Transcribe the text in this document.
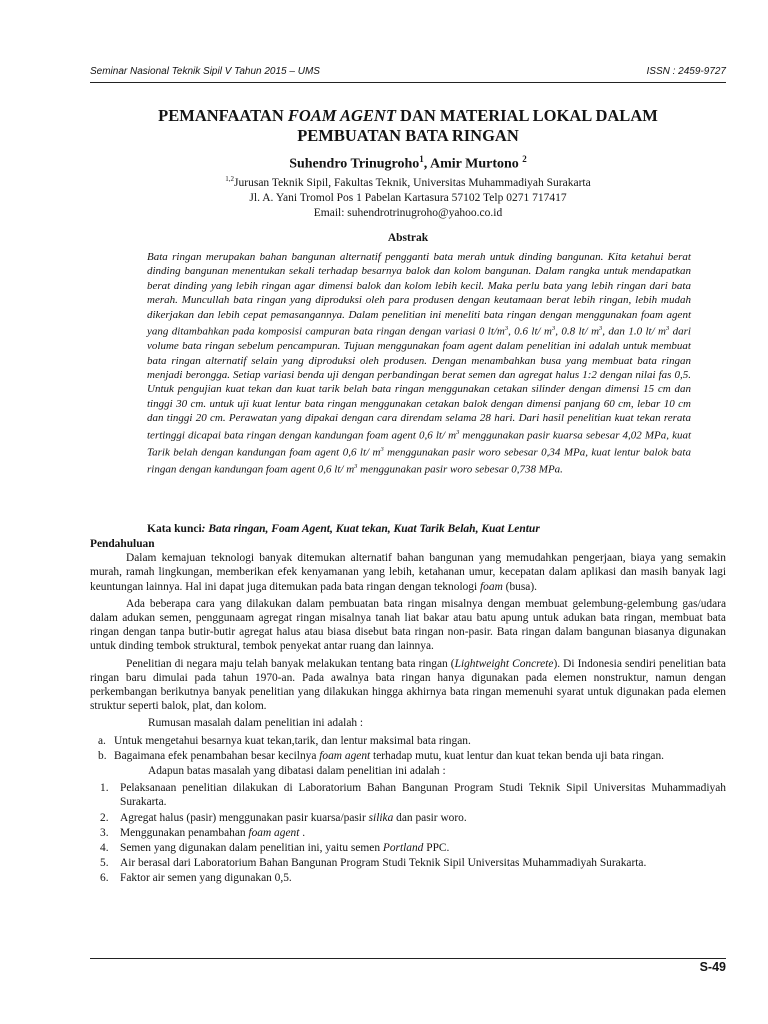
Seminar Nasional Teknik Sipil V Tahun 2015 – UMS	ISSN : 2459-9727
PEMANFAATAN FOAM AGENT DAN MATERIAL LOKAL DALAM
PEMBUATAN BATA RINGAN
Suhendro Trinugroho$^1$, Amir Murtono $^2$
$^{1,2}$Jurusan Teknik Sipil, Fakultas Teknik, Universitas Muhammadiyah Surakarta
Jl. A. Yani Tromol Pos 1 Pabelan Kartasura 57102 Telp 0271 717417
Email: suhendrotrinugroho@yahoo.co.id
Abstrak
Bata ringan merupakan bahan bangunan alternatif pengganti bata merah untuk dinding bangunan. Kita ketahui berat dinding bangunan menentukan sekali terhadap besarnya balok dan kolom bangunan. Dalam rangka untuk mendapatkan berat dinding yang lebih ringan agar dimensi balok dan kolom lebih kecil. Maka perlu bata yang lebih ringan dari bata merah. Muncullah bata ringan yang diproduksi oleh para produsen dengan keutamaan berat lebih ringan, lebih mudah dikerjakan dan lebih cepat pemasangannya. Dalam penelitian ini meneliti bata ringan dengan menggunakan foam agent yang ditambahkan pada komposisi campuran bata ringan dengan variasi 0 $lt/m^3$, 0.6 lt/ $m^3$, 0.8 lt/ $m^3$, dan 1.0 lt/ $m^3$ dari volume bata ringan sebelum pencampuran. Tujuan menggunakan foam agent dalam penelitian ini adalah untuk membuat bata ringan alternatif selain yang diproduksi oleh produsen. Dengan menambahkan busa yang membuat bata ringan menjadi berongga. Setiap variasi benda uji dengan perbandingan berat semen dan agregat halus 1:2 dengan nilai fas 0,5. Untuk pengujian kuat tekan dan kuat tarik belah bata ringan menggunakan cetakan silinder dengan dimensi 15 cm dan tinggi 30 cm. untuk uji kuat lentur bata ringan menggunakan cetakan balok dengan dimensi panjang 60 cm, lebar 10 cm dan tinggi 20 cm. Perawatan yang dipakai dengan cara direndam selama 28 hari. Dari hasil penelitian kuat tekan rerata tertinggi dicapai bata ringan dengan kandungan foam agent 0,6 lt/ $m^3$ menggunakan pasir kuarsa sebesar 4,02 MPa, kuat Tarik belah dengan kandungan foam agent 0,6 lt/ $m^3$ menggunakan pasir woro sebesar 0,34 MPa, kuat lentur balok bata ringan dengan kandungan foam agent 0,6 lt/ $m^3$ menggunakan pasir woro sebesar 0,738 MPa.
Kata kunci: Bata ringan, Foam Agent, Kuat tekan, Kuat Tarik Belah, Kuat Lentur
Pendahuluan

Dalam kemajuan teknologi banyak ditemukan alternatif bahan bangunan yang memudahkan pengerjaan, biaya yang semakin murah, ramah lingkungan, memberikan efek kenyamanan yang lebih, ketahanan umur, kecepatan dalam aplikasi dan masih banyak lagi keuntungan lainnya. Hal ini dapat juga ditemukan pada bata ringan dengan teknologi foam (busa).

Ada beberapa cara yang dilakukan dalam pembuatan bata ringan misalnya dengan membuat gelembung-gelembung gas/udara dalam adukan semen, penggunaam agregat ringan misalnya tanah liat bakar atau batu apung untuk adukan bata ringan, membuat bata ringan dengan tanpa butir-butir agregat halus atau biasa disebut bata ringan non-pasir. Bata ringan dalam bangunan biasanya digunakan untuk dinding tembok struktural, tembok penyekat antar ruang dan lainnya.

Penelitian di negara maju telah banyak melakukan tentang bata ringan (Lightweight Concrete). Di Indonesia sendiri penelitian bata ringan baru dimulai pada tahun 1970-an. Pada awalnya bata ringan hanya digunakan pada elemen nonstruktur, namun dengan perkembangan berikutnya banyak penelitian yang dilakukan hingga akhirnya bata ringan memenuhi syarat untuk digunakan pada elemen struktur seperti balok, plat, dan kolom.

Rumusan masalah dalam penelitian ini adalah :

a. Untuk mengetahui besarnya kuat tekan,tarik, dan lentur maksimal bata ringan.
b. Bagaimana efek penambahan besar kecilnya foam agent terhadap mutu, kuat lentur dan kuat tekan benda uji bata ringan.

Adapun batas masalah yang dibatasi dalam penelitian ini adalah :

1. Pelaksanaan penelitian dilakukan di Laboratorium Bahan Bangunan Program Studi Teknik Sipil Universitas Muhammadiyah Surakarta.
2. Agregat halus (pasir) menggunakan pasir kuarsa/pasir silika dan pasir woro.
3. Menggunakan penambahan foam agent .
4. Semen yang digunakan dalam penelitian ini, yaitu semen Portland PPC.
5. Air berasal dari Laboratorium Bahan Bangunan Program Studi Teknik Sipil Universitas Muhammadiyah Surakarta.
6. Faktor air semen yang digunakan 0,5.
S-49
